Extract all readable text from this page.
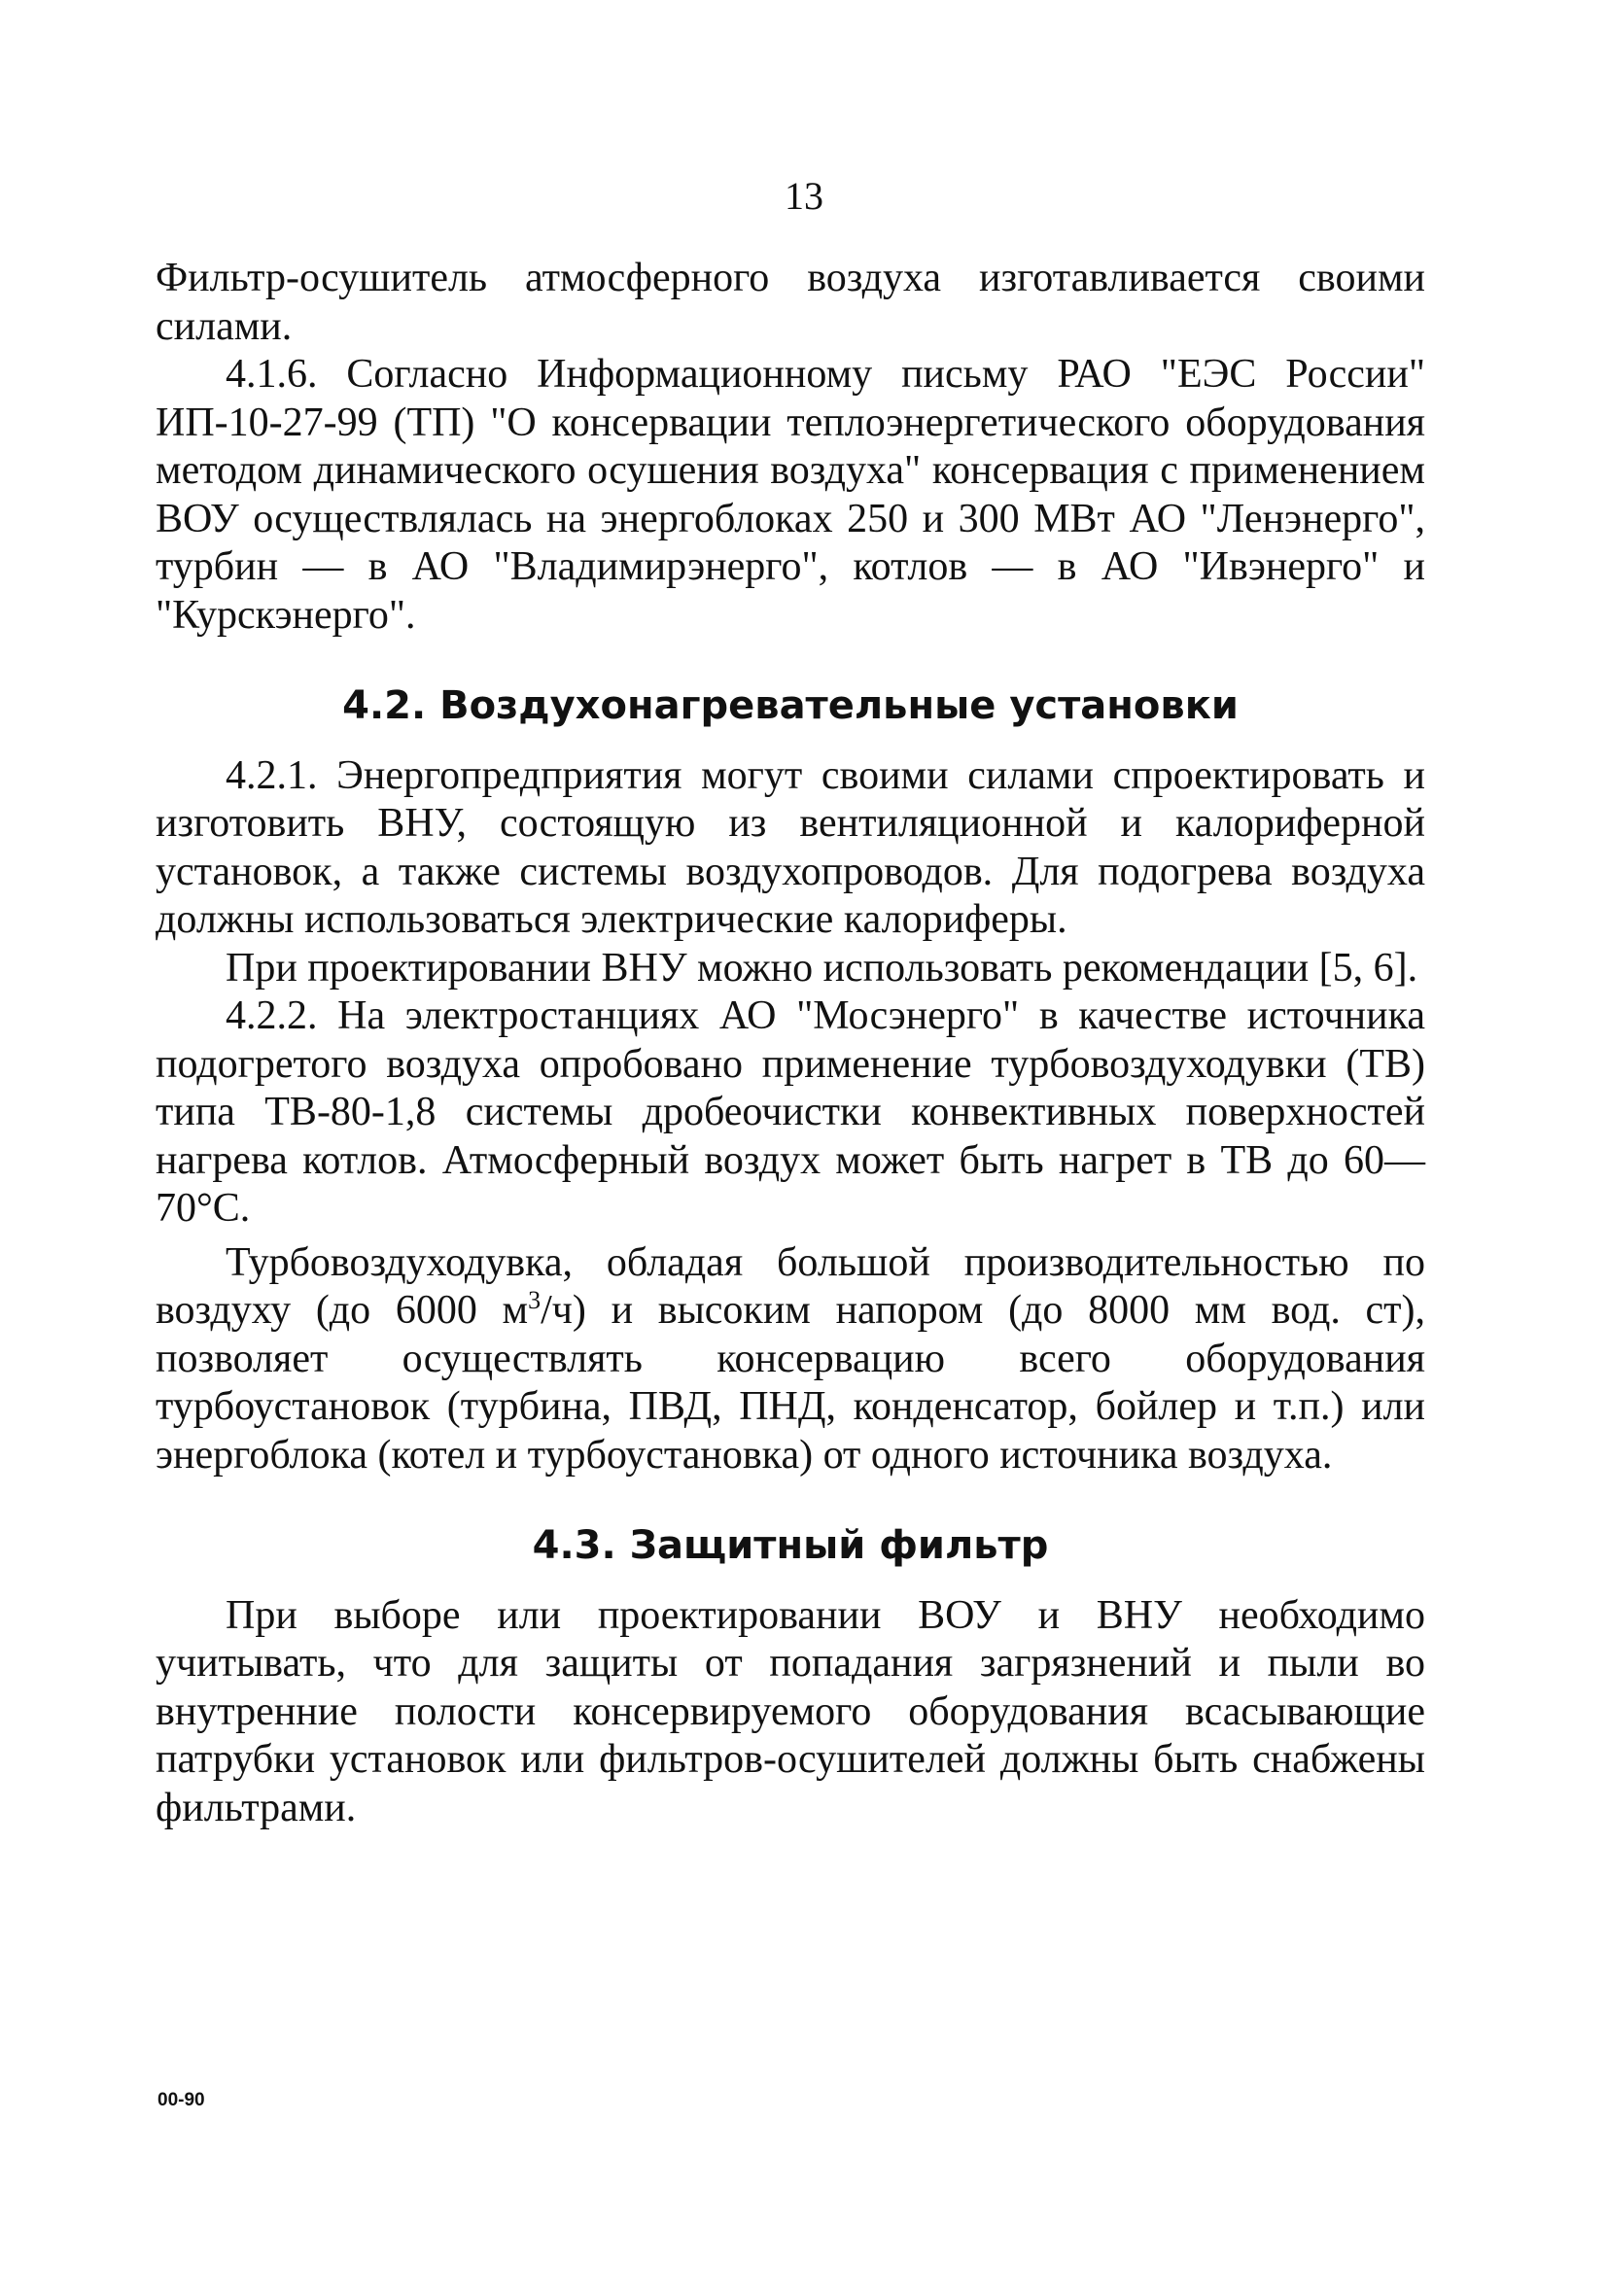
13

Фильтр-осушитель атмосферного воздуха изготавливается своими силами.

4.1.6. Согласно Информационному письму РАО "ЕЭС России" ИП-10-27-99 (ТП) "О консервации теплоэнергетического оборудования методом динамического осушения воздуха" консервация с применением ВОУ осуществлялась на энергоблоках 250 и 300 МВт АО "Ленэнерго", турбин — в АО "Владимирэнерго", котлов — в АО "Ивэнерго" и "Курскэнерго".

4.2. Воздухонагревательные установки

4.2.1. Энергопредприятия могут своими силами спроектировать и изготовить ВНУ, состоящую из вентиляционной и калориферной установок, а также системы воздухопроводов. Для подогрева воздуха должны использоваться электрические калориферы.

При проектировании ВНУ можно использовать рекомендации [5, 6].

4.2.2. На электростанциях АО "Мосэнерго" в качестве источника подогретого воздуха опробовано применение турбовоздуходувки (ТВ) типа ТВ-80-1,8 системы дробеочистки конвективных поверхностей нагрева котлов. Атмосферный воздух может быть нагрет в ТВ до 60—70°С.

Турбовоздуходувка, обладая большой производительностью по воздуху (до 6000 $м^3/ч$) и высоким напором (до 8000 мм вод. ст), позволяет осуществлять консервацию всего оборудования турбоустановок (турбина, ПВД, ПНД, конденсатор, бойлер и т.п.) или энергоблока (котел и турбоустановка) от одного источника воздуха.

4.3. Защитный фильтр

При выборе или проектировании ВОУ и ВНУ необходимо учитывать, что для защиты от попадания загрязнений и пыли во внутренние полости консервируемого оборудования всасывающие патрубки установок или фильтров-осушителей должны быть снабжены фильтрами.

00-90
